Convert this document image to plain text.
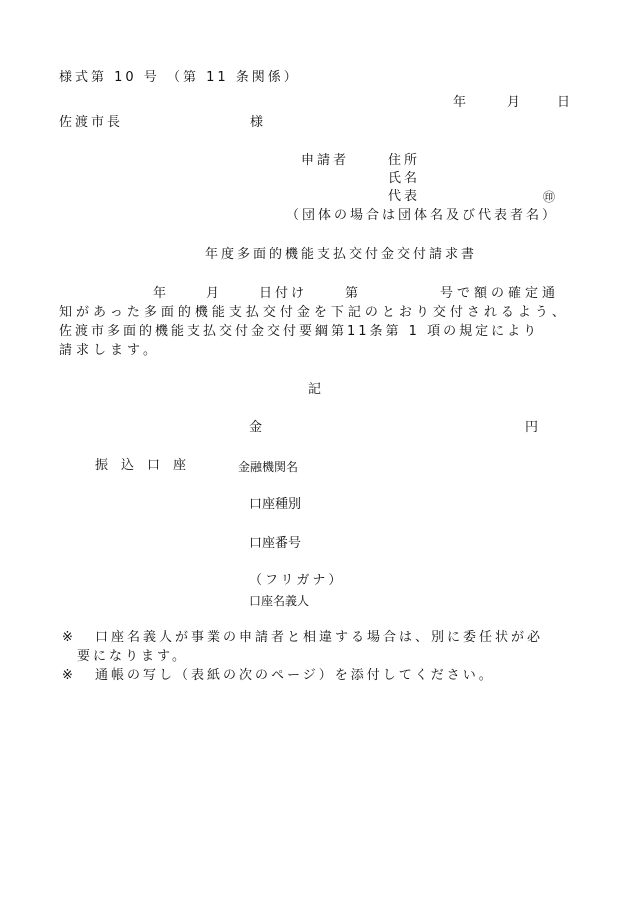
様式第 10 号 （第 11 条関係）
年	月	日
佐渡市長	様
申請者	住所
氏名
代表	㊞
（団体の場合は団体名及び代表者名）
年度多面的機能支払交付金交付請求書
年	月	日付け	第	号で額の確定通
知があった多面的機能支払交付金を下記のとおり交付されるよう、
佐渡市多面的機能支払交付金交付要綱第11条第 1 項の規定により
請求します。
記
金	円
振　込　口　座	金融機関名
口座種別
口座番号
（フリガナ）
口座名義人
※ 口座名義人が事業の申請者と相違する場合は、別に委任状が必
要になります。
※ 通帳の写し（表紙の次のページ）を添付してください。
